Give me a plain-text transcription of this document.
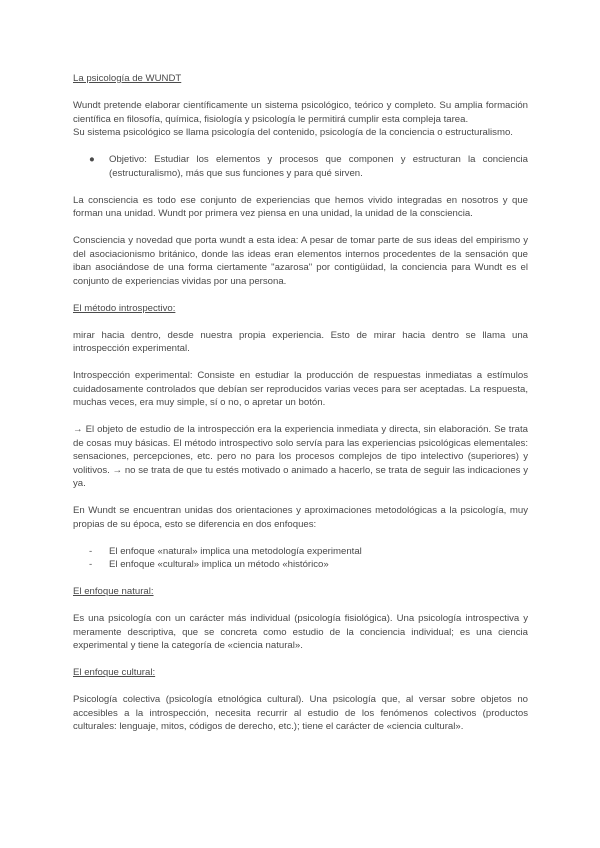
La psicología de WUNDT
Wundt pretende elaborar científicamente un sistema psicológico, teórico y completo. Su amplia formación científica en filosofía, química, fisiología y psicología le permitirá cumplir esta compleja tarea.
Su sistema psicológico se llama psicología del contenido, psicología de la conciencia o estructuralismo.
● Objetivo: Estudiar los elementos y procesos que componen y estructuran la conciencia (estructuralismo), más que sus funciones y para qué sirven.
La consciencia es todo ese conjunto de experiencias que hemos vivido integradas en nosotros y que forman una unidad. Wundt por primera vez piensa en una unidad, la unidad de la consciencia.
Consciencia y novedad que porta wundt a esta idea: A pesar de tomar parte de sus ideas del empirismo y del asociacionismo británico, donde las ideas eran elementos internos procedentes de la sensación que iban asociándose de una forma ciertamente "azarosa" por contigüidad, la conciencia para Wundt es el conjunto de experiencias vividas por una persona.
El método introspectivo:
mirar hacia dentro, desde nuestra propia experiencia. Esto de mirar hacia dentro se llama una introspección experimental.
Introspección experimental: Consiste en estudiar la producción de respuestas inmediatas a estímulos cuidadosamente controlados que debían ser reproducidos varias veces para ser aceptadas. La respuesta, muchas veces, era muy simple, sí o no, o apretar un botón.
→ El objeto de estudio de la introspección era la experiencia inmediata y directa, sin elaboración. Se trata de cosas muy básicas. El método introspectivo solo servía para las experiencias psicológicas elementales: sensaciones, percepciones, etc. pero no para los procesos complejos de tipo intelectivo (superiores) y volitivos. → no se trata de que tu estés motivado o animado a hacerlo, se trata de seguir las indicaciones y ya.
En Wundt se encuentran unidas dos orientaciones y aproximaciones metodológicas a la psicología, muy propias de su época, esto se diferencia en dos enfoques:
- El enfoque «natural» implica una metodología experimental
- El enfoque «cultural» implica un método «histórico»
El enfoque natural:
Es una psicología con un carácter más individual (psicología fisiológica). Una psicología introspectiva y meramente descriptiva, que se concreta como estudio de la conciencia individual; es una ciencia experimental y tiene la categoría de «ciencia natural».
El enfoque cultural:
Psicología colectiva (psicología etnológica cultural). Una psicología que, al versar sobre objetos no accesibles a la introspección, necesita recurrir al estudio de los fenómenos colectivos (productos culturales: lenguaje, mitos, códigos de derecho, etc.); tiene el carácter de «ciencia cultural».
